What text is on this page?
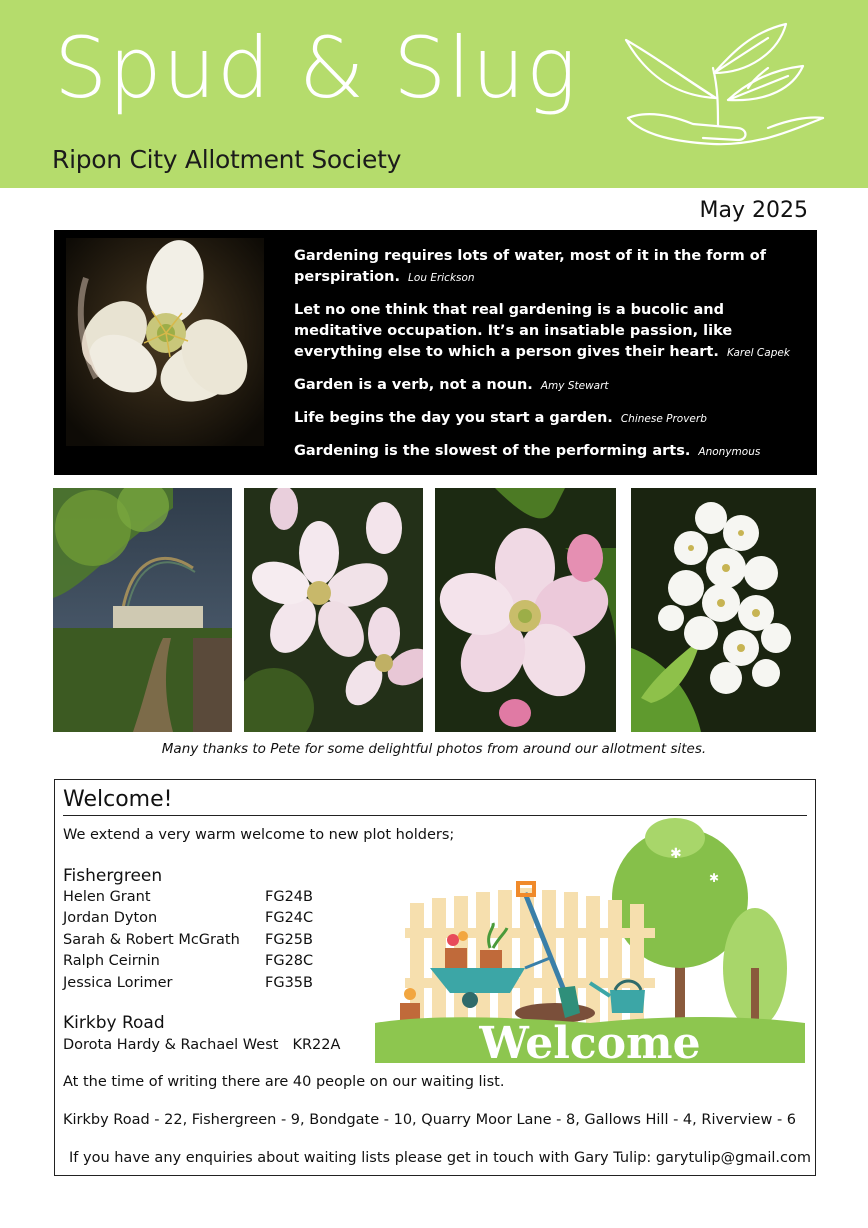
Spud & Slug
Ripon City Allotment Society
May 2025

Gardening requires lots of water, most of it in the form of perspiration. Lou Erickson

Let no one think that real gardening is a bucolic and meditative occupation. It’s an insatiable passion, like everything else to which a person gives their heart. Karel Capek

Garden is a verb, not a noun. Amy Stewart

Life begins the day you start a garden. Chinese Proverb

Gardening is the slowest of the performing arts. Anonymous

Many thanks to Pete for some delightful photos from around our allotment sites.
Welcome!
We extend a very warm welcome to new plot holders;
Fishergreen
Helen Grant	FG24B
Jordan Dyton	FG24C
Sarah & Robert McGrath FG25B
Ralph Ceirnin	FG28C
Jessica Lorimer	FG35B
Kirkby Road
Dorota Hardy & Rachael West KR22A
✱
✱
Welcome
At the time of writing there are 40 people on our waiting list.
Kirkby Road - 22, Fishergreen - 9, Bondgate - 10, Quarry Moor Lane - 8, Gallows Hill - 4, Riverview - 6
If you have any enquiries about waiting lists please get in touch with Gary Tulip: garytulip@gmail.com
